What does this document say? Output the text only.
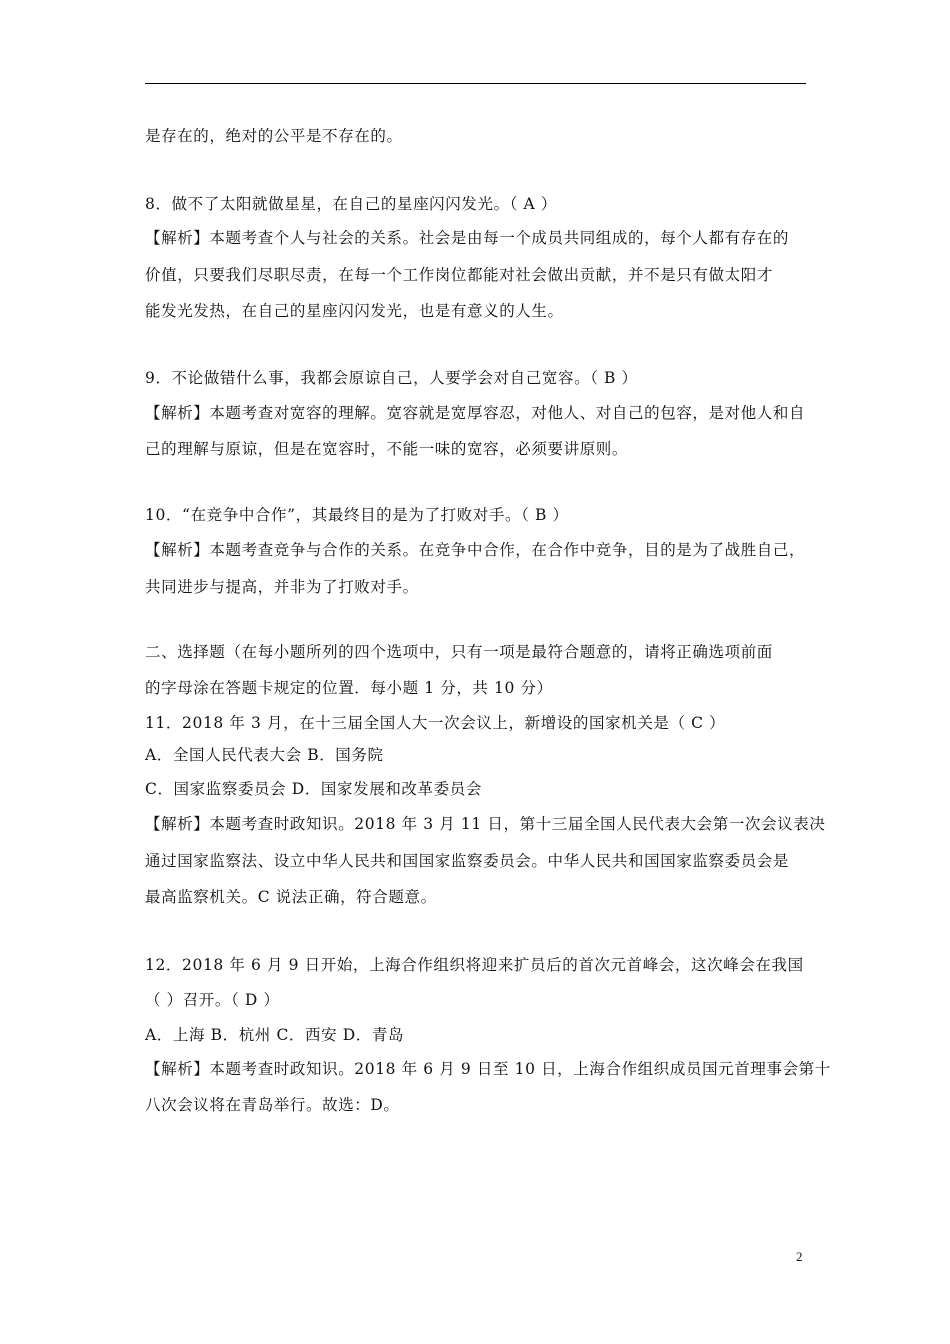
是存在的，绝对的公平是不存在的。
8．做不了太阳就做星星，在自己的星座闪闪发光。（ A ）
【解析】本题考查个人与社会的关系。社会是由每一个成员共同组成的，每个人都有存在的
价值，只要我们尽职尽责，在每一个工作岗位都能对社会做出贡献，并不是只有做太阳才
能发光发热，在自己的星座闪闪发光，也是有意义的人生。
9．不论做错什么事，我都会原谅自己，人要学会对自己宽容。（ B ）
【解析】本题考查对宽容的理解。宽容就是宽厚容忍，对他人、对自己的包容，是对他人和自
己的理解与原谅，但是在宽容时，不能一味的宽容，必须要讲原则。
10．“在竞争中合作”，其最终目的是为了打败对手。（ B ）
【解析】本题考查竞争与合作的关系。在竞争中合作，在合作中竞争，目的是为了战胜自己，
共同进步与提高，并非为了打败对手。
二、选择题（在每小题所列的四个选项中，只有一项是最符合题意的，请将正确选项前面
的字母涂在答题卡规定的位置．每小题 1 分，共 10 分）
11．2018 年 3 月，在十三届全国人大一次会议上，新增设的国家机关是（ C ）
A．全国人民代表大会 B．国务院
C．国家监察委员会 D．国家发展和改革委员会
【解析】本题考查时政知识。2018 年 3 月 11 日，第十三届全国人民代表大会第一次会议表决
通过国家监察法、设立中华人民共和国国家监察委员会。中华人民共和国国家监察委员会是
最高监察机关。C 说法正确，符合题意。
12．2018 年 6 月 9 日开始，上海合作组织将迎来扩员后的首次元首峰会，这次峰会在我国
（ ）召开。（ D ）
A．上海 B．杭州 C．西安 D．青岛
【解析】本题考查时政知识。2018 年 6 月 9 日至 10 日，上海合作组织成员国元首理事会第十
八次会议将在青岛举行。故选：D。
2
